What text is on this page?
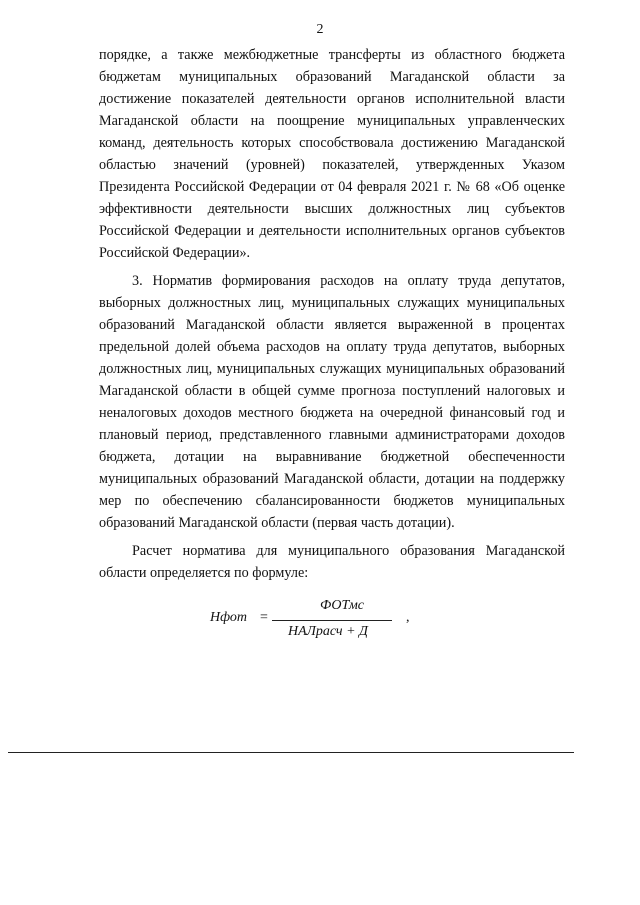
2

порядке, а также межбюджетные трансферты из областного бюджета бюджетам муниципальных образований Магаданской области за достижение показателей деятельности органов исполнительной власти Магаданской области на поощрение муниципальных управленческих команд, деятельность которых способствовала достижению Магаданской областью значений (уровней) показателей, утвержденных Указом Президента Российской Федерации от 04 февраля 2021 г. № 68 «Об оценке эффективности деятельности высших должностных лиц субъектов Российской Федерации и деятельности исполнительных органов субъектов Российской Федерации».

3. Норматив формирования расходов на оплату труда депутатов, выборных должностных лиц, муниципальных служащих муниципальных образований Магаданской области является выраженной в процентах предельной долей объема расходов на оплату труда депутатов, выборных должностных лиц, муниципальных служащих муниципальных образований Магаданской области в общей сумме прогноза поступлений налоговых и неналоговых доходов местного бюджета на очередной финансовый год и плановый период, представленного главными администраторами доходов бюджета, дотации на выравнивание бюджетной обеспеченности муниципальных образований Магаданской области, дотации на поддержку мер по обеспечению сбалансированности бюджетов муниципальных образований Магаданской области (первая часть дотации).

Расчет норматива для муниципального образования Магаданской области определяется по формуле:

Нфот =
ФОТмс
НАЛрасч + Д
,
